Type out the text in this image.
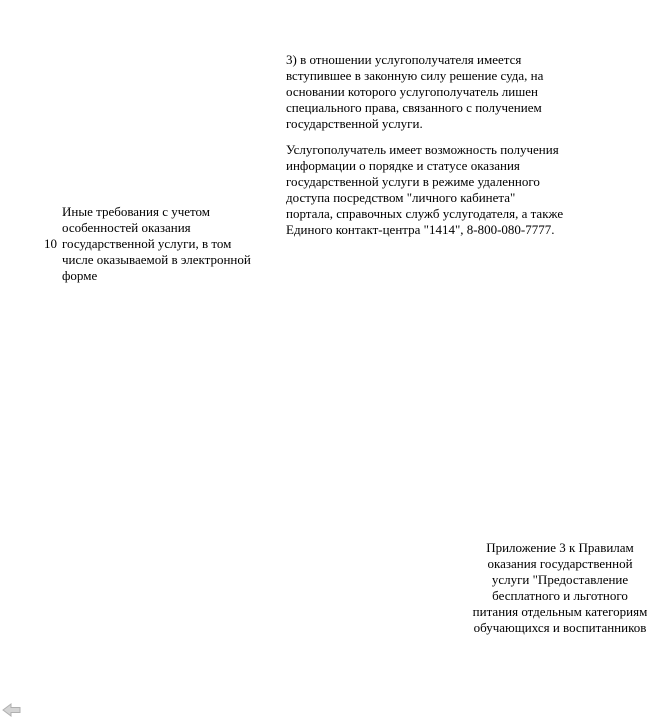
3) в отношении услугополучателя имеется
вступившее в законную силу решение суда, на
основании которого услугополучатель лишен
специального права, связанного с получением
государственной услуги.
Услугополучатель имеет возможность получения
информации о порядке и статусе оказания
государственной услуги в режиме удаленного
доступа посредством "личного кабинета"
портала, справочных служб услугодателя, а также
Единого контакт-центра "1414", 8-800-080-7777.
10
Иные требования с учетом
особенностей оказания
государственной услуги, в том
числе оказываемой в электронной
форме
Приложение 3 к Правилам
оказания государственной
услуги "Предоставление
бесплатного и льготного
питания отдельным категориям
обучающихся и воспитанников
